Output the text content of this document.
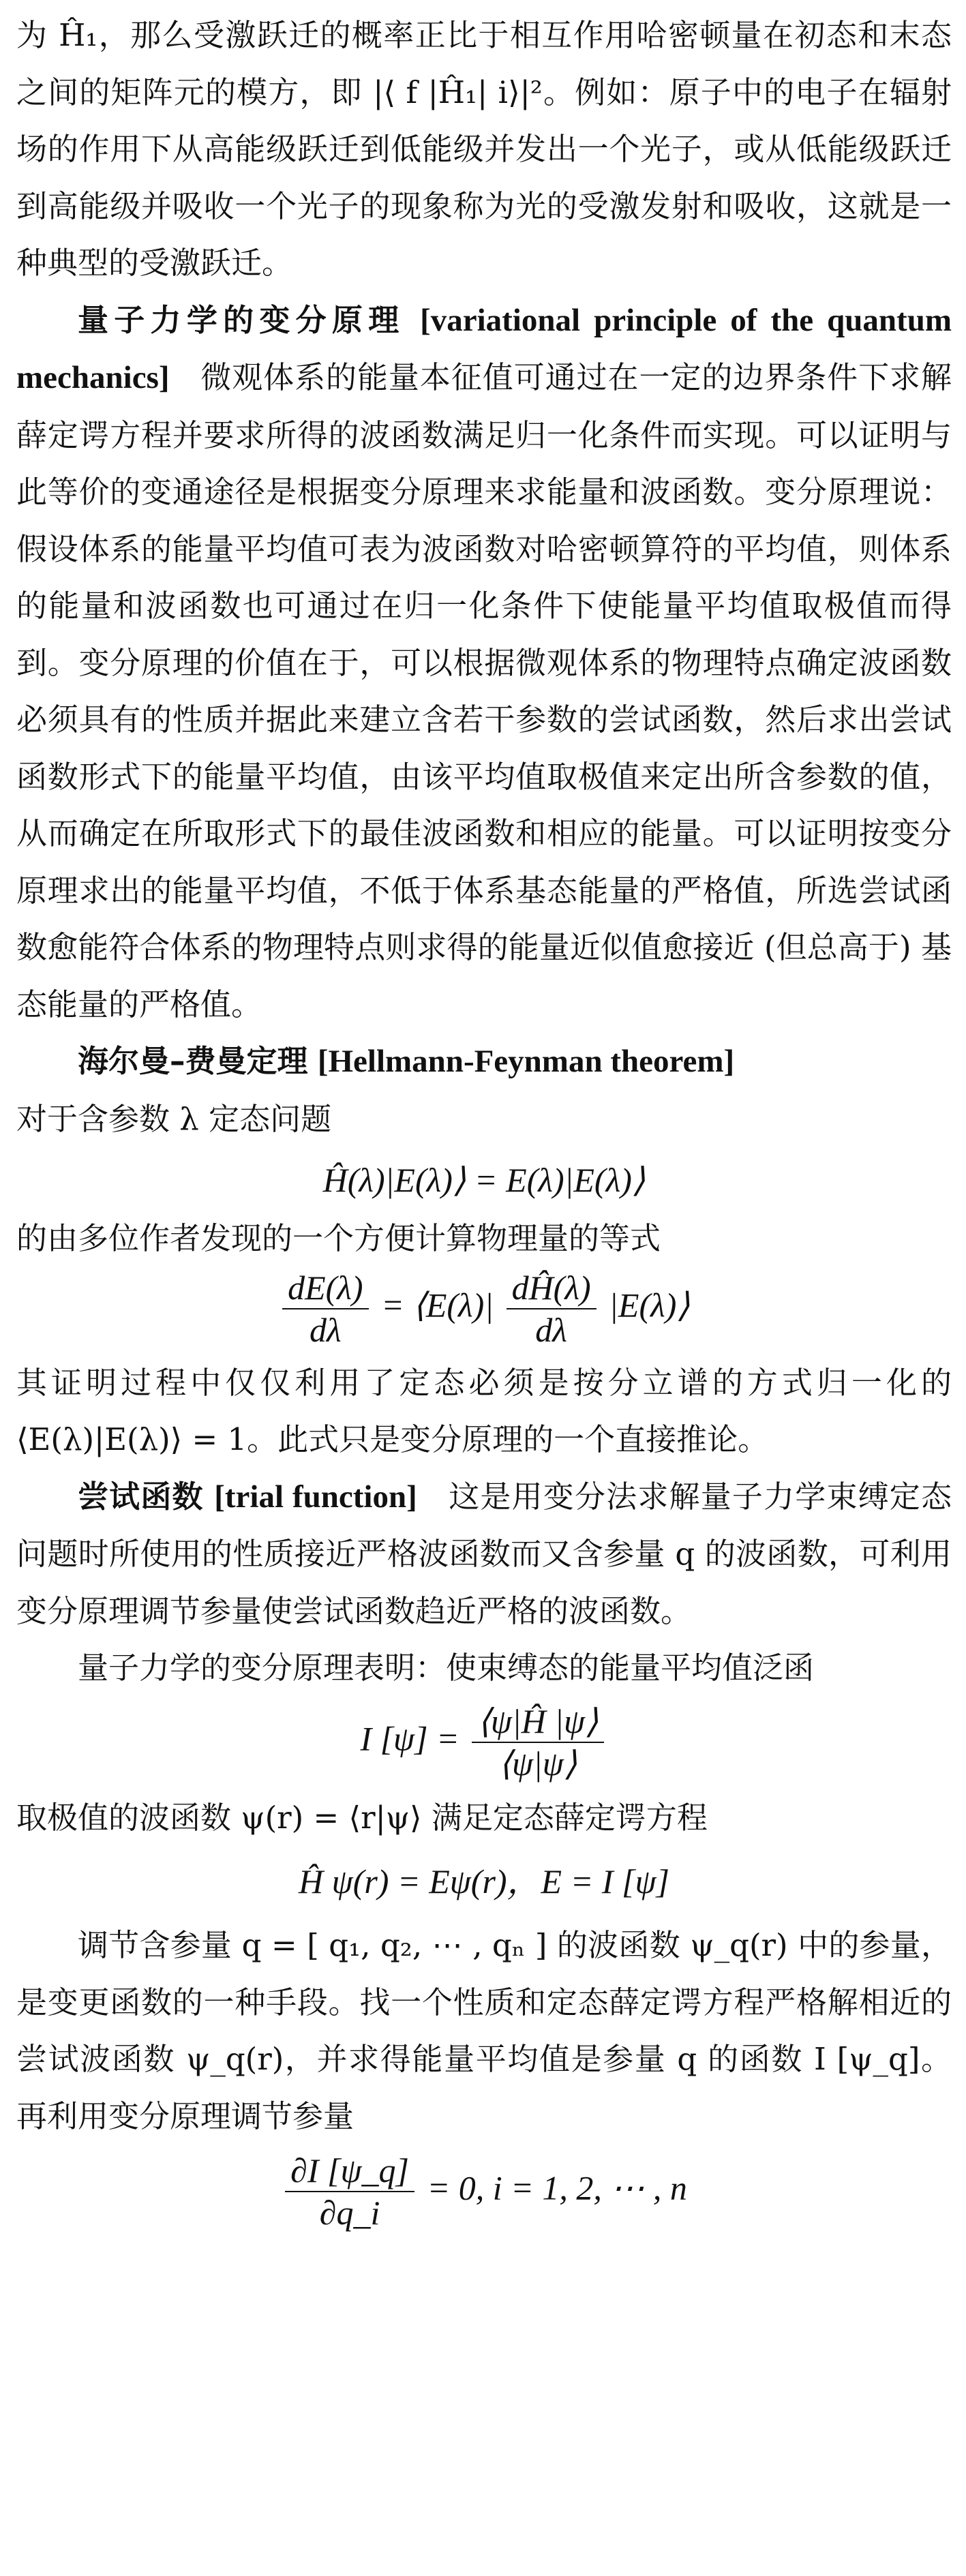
为 Ĥ₁，那么受激跃迁的概率正比于相互作用哈密顿量在初态和末态之间的矩阵元的模方，即 |⟨ f |Ĥ₁| i⟩|²。例如：原子中的电子在辐射场的作用下从高能级跃迁到低能级并发出一个光子，或从低能级跃迁到高能级并吸收一个光子的现象称为光的受激发射和吸收，这就是一种典型的受激跃迁。

量子力学的变分原理 [variational principle of the quantum mechanics] 微观体系的能量本征值可通过在一定的边界条件下求解薛定谔方程并要求所得的波函数满足归一化条件而实现。可以证明与此等价的变通途径是根据变分原理来求能量和波函数。变分原理说：假设体系的能量平均值可表为波函数对哈密顿算符的平均值，则体系的能量和波函数也可通过在归一化条件下使能量平均值取极值而得到。变分原理的价值在于，可以根据微观体系的物理特点确定波函数必须具有的性质并据此来建立含若干参数的尝试函数，然后求出尝试函数形式下的能量平均值，由该平均值取极值来定出所含参数的值，从而确定在所取形式下的最佳波函数和相应的能量。可以证明按变分原理求出的能量平均值，不低于体系基态能量的严格值，所选尝试函数愈能符合体系的物理特点则求得的能量近似值愈接近 (但总高于) 基态能量的严格值。

海尔曼–费曼定理 [Hellmann-Feynman theorem]

对于含参数 λ 定态问题

Ĥ(λ)|E(λ)⟩ = E(λ)|E(λ)⟩

的由多位作者发现的一个方便计算物理量的等式

$\frac{dE(\lambda)}{d\lambda}$ = ⟨E(λ)| $\frac{dĤ(\lambda)}{d\lambda}$ |E(λ)⟩

其证明过程中仅仅利用了定态必须是按分立谱的方式归一化的 ⟨E(λ)|E(λ)⟩ = 1。此式只是变分原理的一个直接推论。

尝试函数 [trial function] 这是用变分法求解量子力学束缚定态问题时所使用的性质接近严格波函数而又含参量 q 的波函数，可利用变分原理调节参量使尝试函数趋近严格的波函数。

量子力学的变分原理表明：使束缚态的能量平均值泛函

I $[\psi] = \frac{⟨\psi|Ĥ |\psi⟩}{⟨\psi|\psi⟩}$

取极值的波函数 ψ(r) = ⟨r|ψ⟩ 满足定态薛定谔方程

Ĥ ψ(r) = Eψ(r)，E = I [ψ]

调节含参量 q = [ q₁, q₂, ⋯ , qₙ ] 的波函数 ψ_q(r) 中的参量，是变更函数的一种手段。找一个性质和定态薛定谔方程严格解相近的尝试波函数 ψ_q(r)，并求得能量平均值是参量 q 的函数 I [ψ_q]。再利用变分原理调节参量

$\frac{\partial I [\psi\_q]}{\partial q\_i} = 0$, i = 1, 2, ⋯ , n
